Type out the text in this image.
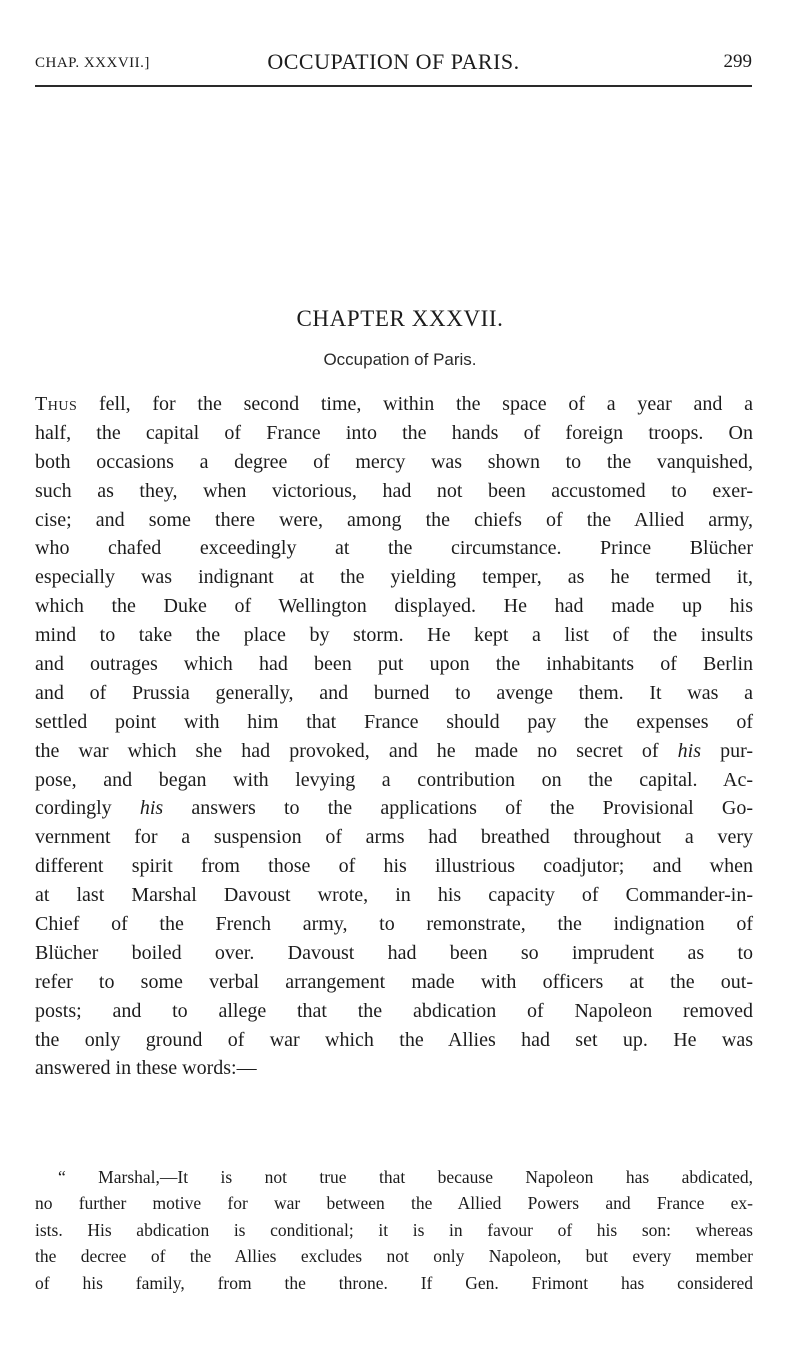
CHAP. XXXVII.]	OCCUPATION OF PARIS.	299
CHAPTER XXXVII.
Occupation of Paris.
Thus fell, for the second time, within the space of a year and a
half, the capital of France into the hands of foreign troops. On
both occasions a degree of mercy was shown to the vanquished,
such as they, when victorious, had not been accustomed to exer-
cise; and some there were, among the chiefs of the Allied army,
who chafed exceedingly at the circumstance. Prince Blücher
especially was indignant at the yielding temper, as he termed it,
which the Duke of Wellington displayed. He had made up his
mind to take the place by storm. He kept a list of the insults
and outrages which had been put upon the inhabitants of Berlin
and of Prussia generally, and burned to avenge them. It was a
settled point with him that France should pay the expenses of
the war which she had provoked, and he made no secret of his pur-
pose, and began with levying a contribution on the capital. Ac-
cordingly his answers to the applications of the Provisional Go-
vernment for a suspension of arms had breathed throughout a very
different spirit from those of his illustrious coadjutor; and when
at last Marshal Davoust wrote, in his capacity of Commander-in-
Chief of the French army, to remonstrate, the indignation of
Blücher boiled over. Davoust had been so imprudent as to
refer to some verbal arrangement made with officers at the out-
posts; and to allege that the abdication of Napoleon removed
the only ground of war which the Allies had set up. He was
answered in these words:—
“ Marshal,—It is not true that because Napoleon has abdicated,
no further motive for war between the Allied Powers and France ex-
ists. His abdication is conditional; it is in favour of his son: whereas
the decree of the Allies excludes not only Napoleon, but every member
of his family, from the throne. If Gen. Frimont has considered
